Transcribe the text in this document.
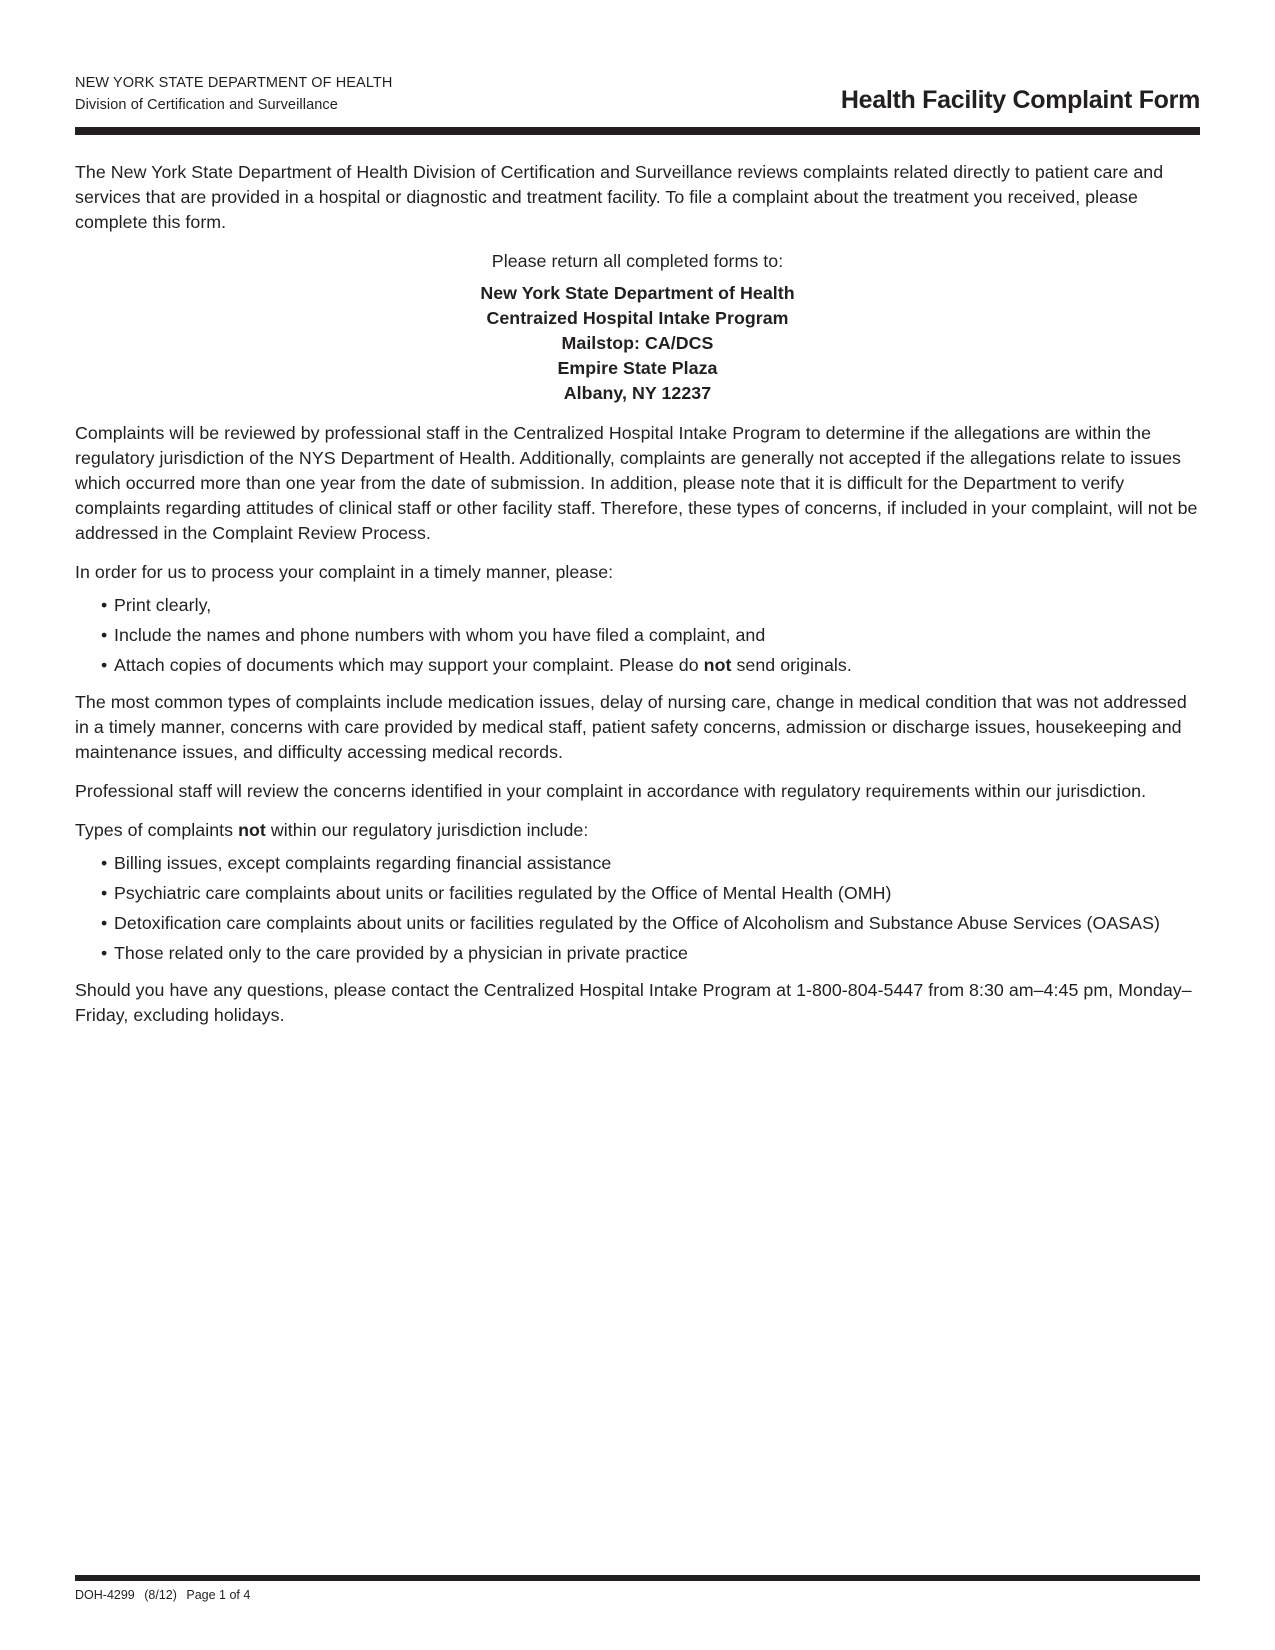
NEW YORK STATE DEPARTMENT OF HEALTH
Division of Certification and Surveillance	Health Facility Complaint Form

The New York State Department of Health Division of Certification and Surveillance reviews complaints related directly to patient care and services that are provided in a hospital or diagnostic and treatment facility. To file a complaint about the treatment you received, please complete this form.

Please return all completed forms to:
New York State Department of Health
Centraized Hospital Intake Program
Mailstop: CA/DCS
Empire State Plaza
Albany, NY 12237

Complaints will be reviewed by professional staff in the Centralized Hospital Intake Program to determine if the allegations are within the regulatory jurisdiction of the NYS Department of Health. Additionally, complaints are generally not accepted if the allegations relate to issues which occurred more than one year from the date of submission. In addition, please note that it is difficult for the Department to verify complaints regarding attitudes of clinical staff or other facility staff. Therefore, these types of concerns, if included in your complaint, will not be addressed in the Complaint Review Process.

In order for us to process your complaint in a timely manner, please:

• Print clearly,
• Include the names and phone numbers with whom you have filed a complaint, and
• Attach copies of documents which may support your complaint. Please do not send originals.

The most common types of complaints include medication issues, delay of nursing care, change in medical condition that was not addressed in a timely manner, concerns with care provided by medical staff, patient safety concerns, admission or discharge issues, housekeeping and maintenance issues, and difficulty accessing medical records.

Professional staff will review the concerns identified in your complaint in accordance with regulatory requirements within our jurisdiction.

Types of complaints not within our regulatory jurisdiction include:

• Billing issues, except complaints regarding financial assistance
• Psychiatric care complaints about units or facilities regulated by the Office of Mental Health (OMH)
• Detoxification care complaints about units or facilities regulated by the Office of Alcoholism and Substance Abuse Services (OASAS)
• Those related only to the care provided by a physician in private practice

Should you have any questions, please contact the Centralized Hospital Intake Program at 1-800-804-5447 from 8:30 am–4:45 pm, Monday–Friday, excluding holidays.

DOH-4299 (8/12) Page 1 of 4
